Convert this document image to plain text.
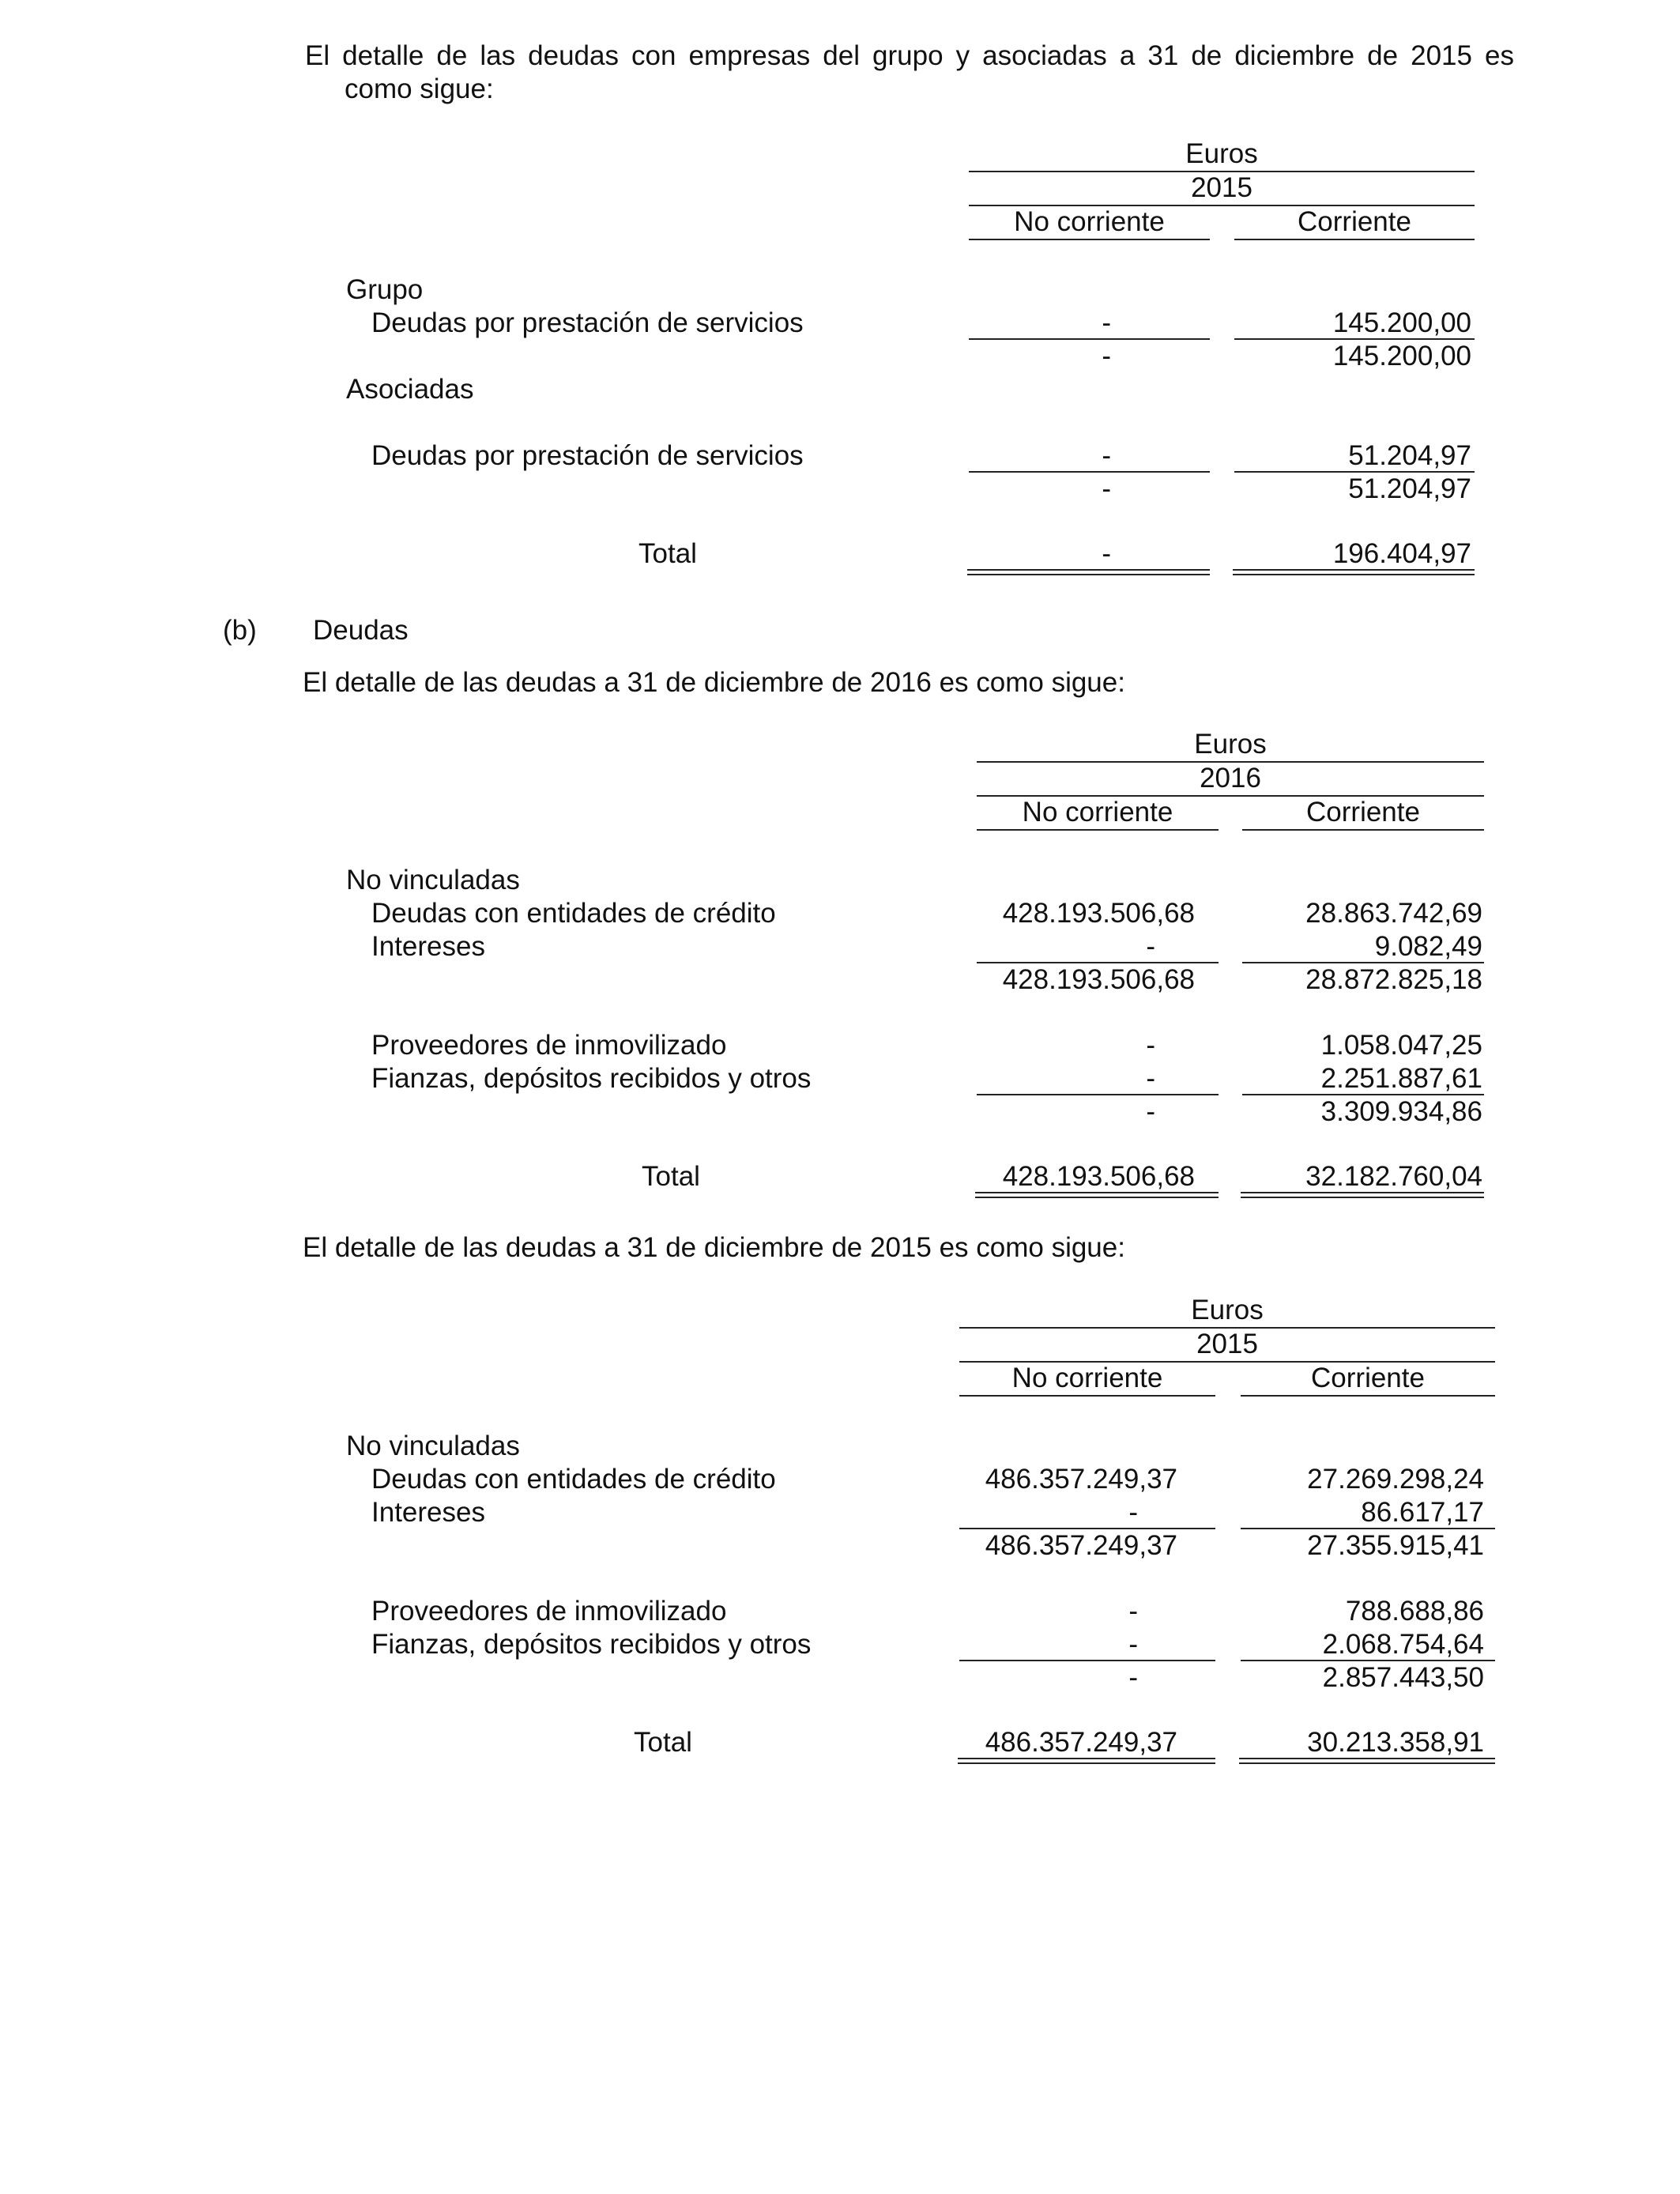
El detalle de las deudas con empresas del grupo y asociadas a 31 de diciembre de 2015 es

como sigue:

Euros
2015
No corriente	Corriente
Grupo
Deudas por prestación de servicios	-	145.200,00
-	145.200,00
Asociadas
Deudas por prestación de servicios	-	51.204,97
-	51.204,97
Total	-	196.404,97
(b) Deudas
El detalle de las deudas a 31 de diciembre de 2016 es como sigue:
Euros
2016
No corriente	Corriente
No vinculadas
Deudas con entidades de crédito	428.193.506,68	28.863.742,69
Intereses	-	9.082,49
428.193.506,68	28.872.825,18
Proveedores de inmovilizado	-	1.058.047,25
Fianzas, depósitos recibidos y otros	-	2.251.887,61
-	3.309.934,86
Total	428.193.506,68	32.182.760,04
El detalle de las deudas a 31 de diciembre de 2015 es como sigue:
Euros
2015
No corriente	Corriente
No vinculadas
Deudas con entidades de crédito	486.357.249,37	27.269.298,24
Intereses	-	86.617,17
486.357.249,37	27.355.915,41
Proveedores de inmovilizado	-	788.688,86
Fianzas, depósitos recibidos y otros	-	2.068.754,64
-	2.857.443,50
Total	486.357.249,37	30.213.358,91
